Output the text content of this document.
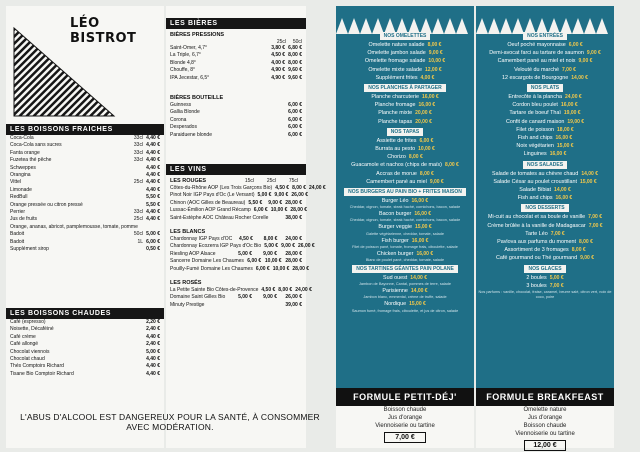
LÉO BISTROT
LES BOISSONS FRAICHES
Coca-Cola	33cl 4,40 €
Coca-Cola sans sucres	33cl 4,40 €
Fanta orange	33cl 4,40 €
Fuzetea thé pêche	33cl 4,40 €
Schweppes	4,40 €
Orangina	4,40 €
Vittel	25cl 4,40 €
Limonade	4,40 €
RedBull	5,50 €
Orange pressée ou citron pressé	5,50 €
Perrier	33cl 4,40 €
Jus de fruits	25cl 4,40 €
Orange, ananas, abricot, pamplemousse, tomate, pomme
Badoit	50cl 5,00 €
Badoit	1L 6,00 €
Supplément sirop	0,50 €
LES BOISSONS CHAUDES
Café (espresso)	2,20 €
Noisette, Décaféiné	2,40 €
Café crème	4,40 €
Café allongé	2,40 €
Chocolat viennois	5,00 €
Chocolat chaud	4,40 €
Thés Comptoirs Richard	4,40 €
Tisane Bio Comptoir Richard	4,40 €
LES BIÈRES
BIÈRES PRESSIONS
25cl	50cl
Saint-Omer, 4,7°	3,80 € 6,80 €
La Triple, 6,7°	4,50 € 8,00 €
Blonde 4,8°	4,00 € 8,00 €
Chouffe, 8°	4,90 € 9,60 €
IPA Jecestar, 6,5°	4,90 € 9,60 €
BIÈRES BOUTEILLE
Guinness	6,00 €
Gallia Blonde	6,00 €
Corona	6,00 €
Desperados	6,00 €
Paraiduene blonde	6,00 €
LES VINS
LES ROUGES	15cl	25cl	75cl
Côtes-du-Rhône AOP (Les Trois Garçons Bio) 4,50 € 8,00 € 24,00 €
Pinot Noir IGP Pays d'Oc (Le Versant) 5,00 € 9,00 € 26,00 €
Chinon (AOC Gilles de Beaureau) 5,50 €	9,00 € 28,00 €
Lussac-Émilion AOP Grand Récamp 6,00 € 10,00 € 28,00 €
Saint-Estèphe AOC Château Rocher Corelle	38,00 €
LES BLANCS
Chardonnay IGP Pays d'OC	4,50 €	8,00 €	24,00 €
Chardonnay Ecozerra IGP Pays d'Oc Bio 5,00 € 9,00 € 26,00 €
Riesling AOP Alsace	5,00 €	9,00 €	28,00 €
Sancerre Domaine Les Chaumes 6,00 € 10,00 € 28,00 €
Pouilly-Fumé Domaine Les Chaumes 6,00 € 10,00 € 28,00 €
LES ROSÉS
La Petite Sainte Bio Côtes-de-Provence 4,50 € 8,00 € 24,00 €
Domaine Saint Gilles Bio	5,00 €	9,00 €	26,00 €
Minuty Prestige	39,00 €
NOS OMELETTES
Omelette nature salade 8,00 €
Omelette jambon salade 9,00 €
Omelette fromage salade 10,00 €
Omelette mixte salade 12,00 €
Supplément frites 4,00 €
NOS PLANCHES À PARTAGER
Planche charcuterie 16,00 €
Planche fromage 16,00 €
Planche mixte 20,00 €
Planche tapas 20,00 €
NOS TAPAS
Assiette de frites 6,00 €
Burrata au pesto 10,00 €
Chorizo 8,00 €
Guacamole et nachos (chips de maïs) 8,00 €
Accras de morue 8,00 €
Camembert pané au miel 9,00 €
NOS BURGERS AU PAIN BIO + FRITES MAISON
Burger Léo 16,00 €
Cheddar, oignon, tomate, steak haché, cornichons, bacon, salade
Bacon burger 16,00 €
Cheddar, oignon, tomate, steak haché, cornichons, bacon, salade
Burger veggie 15,00 €
Galette végétarienne, cheddar, tomate, salade
Fish burger 16,00 €
Filet de poisson pané, tomate, fromage frais, ciboulette, salade
Chicken burger 16,00 €
Blanc de poulet pané, cheddar, tomate, salade
NOS TARTINES GÉANTES PAIN POLANE
Sud ouest 14,00 €
Jambon de Bayonne, Cantal, pommes de terre, salade
Parisienne 14,00 €
Jambon blanc, emmental, crème de truffe, salade
Nordique 15,00 €
Saumon fumé, fromage frais, ciboulette, et jus de citron, salade
FORMULE PETIT-DÉJ'
Boisson chaude
Jus d'orange
Viennoiserie ou tartine
7,00 €
NOS ENTRÉES
Oeuf poché mayonnaise 6,00 €
Demi-avocat farci au tartare de saumon 9,00 €
Camembert pané au miel et noix 9,00 €
Velouté du marché 7,00 €
12 escargots de Bourgogne 14,00 €
NOS PLATS
Entrecôte à la plancha 24,00 €
Cordon bleu poulet 16,00 €
Tartare de boeuf Thaï 19,00 €
Confit de canard maison 19,00 €
Filet de poisson 18,00 €
Fish and chips 16,00 €
Noix végétarien 15,00 €
Linguines 16,00 €
NOS SALADES
Salade de tomates au chèvre chaud 14,00 €
Salade César au poulet croustillant 15,00 €
Salade Bibiat 14,00 €
Fish and chips 16,00 €
NOS DESSERTS
Mi-cuit au chocolat et sa boule de vanille 7,00 €
Crème brûlée à la vanille de Madagascar 7,00 €
Tarte Léo 7,00 €
Pavlova aux parfums du moment 8,00 €
Assortiment de 3 fromages 8,00 €
Café gourmand ou Thé gourmand 9,00 €
NOS GLACES
2 boules 5,00 €
3 boules 7,00 €
Nos parfums : vanille, chocolat, fraise, caramel, beurre salé, citron vert, noix de coco, poire
FORMULE BREAKFEAST
Omelette nature
Jus d'orange
Boisson chaude
Viennoiserie ou tartine
12,00 €
L'ABUS D'ALCOOL EST DANGEREUX POUR LA SANTÉ, À CONSOMMER AVEC MODÉRATION.
